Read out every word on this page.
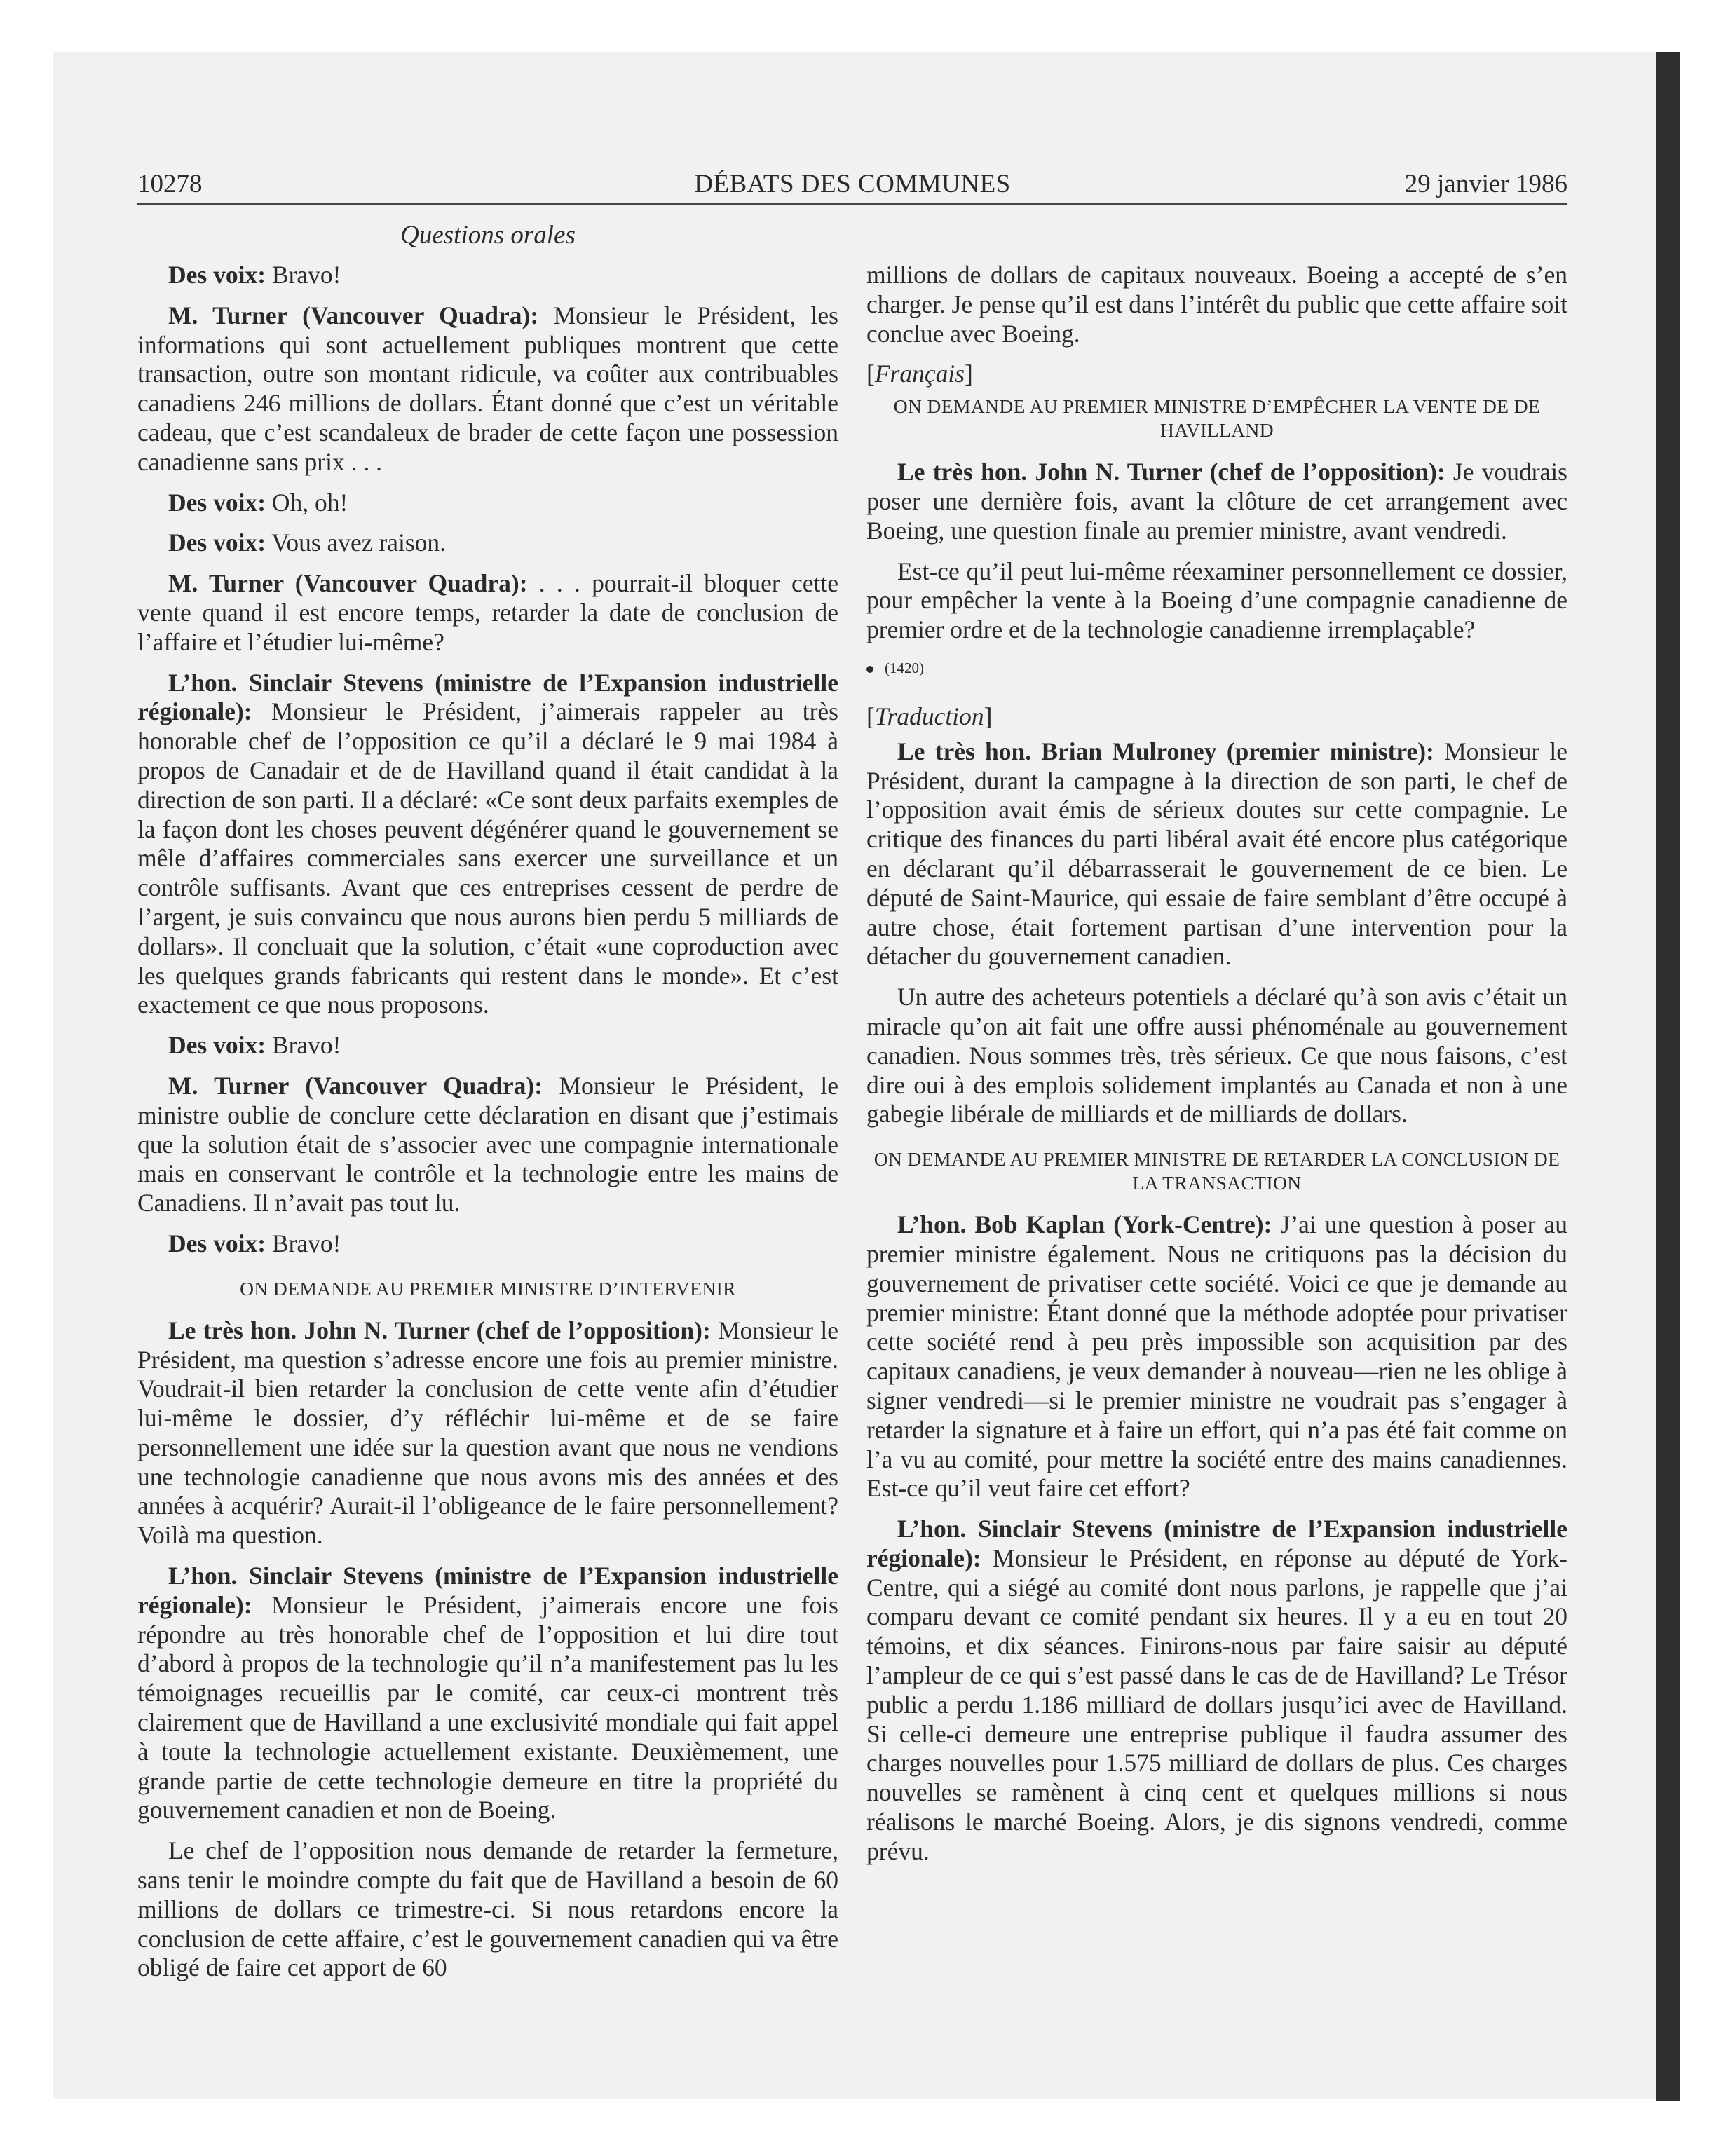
10278	DÉBATS DES COMMUNES	29 janvier 1986
Questions orales

Des voix: Bravo!

M. Turner (Vancouver Quadra): Monsieur le Président, les informations qui sont actuellement publiques montrent que cette transaction, outre son montant ridicule, va coûter aux contribuables canadiens 246 millions de dollars. Étant donné que c’est un véritable cadeau, que c’est scandaleux de brader de cette façon une possession canadienne sans prix . . .

Des voix: Oh, oh!

Des voix: Vous avez raison.

M. Turner (Vancouver Quadra): . . . pourrait-il bloquer cette vente quand il est encore temps, retarder la date de conclusion de l’affaire et l’étudier lui-même?

L’hon. Sinclair Stevens (ministre de l’Expansion industrielle régionale): Monsieur le Président, j’aimerais rappeler au très honorable chef de l’opposition ce qu’il a déclaré le 9 mai 1984 à propos de Canadair et de de Havilland quand il était candidat à la direction de son parti. Il a déclaré: «Ce sont deux parfaits exemples de la façon dont les choses peuvent dégénérer quand le gouvernement se mêle d’affaires commerciales sans exercer une surveillance et un contrôle suffisants. Avant que ces entreprises cessent de perdre de l’argent, je suis convaincu que nous aurons bien perdu 5 milliards de dollars». Il concluait que la solution, c’était «une coproduction avec les quelques grands fabricants qui restent dans le monde». Et c’est exactement ce que nous proposons.

Des voix: Bravo!

M. Turner (Vancouver Quadra): Monsieur le Président, le ministre oublie de conclure cette déclaration en disant que j’estimais que la solution était de s’associer avec une compagnie internationale mais en conservant le contrôle et la technologie entre les mains de Canadiens. Il n’avait pas tout lu.

Des voix: Bravo!

ON DEMANDE AU PREMIER MINISTRE D’INTERVENIR

Le très hon. John N. Turner (chef de l’opposition): Monsieur le Président, ma question s’adresse encore une fois au premier ministre. Voudrait-il bien retarder la conclusion de cette vente afin d’étudier lui-même le dossier, d’y réfléchir lui-même et de se faire personnellement une idée sur la question avant que nous ne vendions une technologie canadienne que nous avons mis des années et des années à acquérir? Aurait-il l’obligeance de le faire personnellement? Voilà ma question.

L’hon. Sinclair Stevens (ministre de l’Expansion industrielle régionale): Monsieur le Président, j’aimerais encore une fois répondre au très honorable chef de l’opposition et lui dire tout d’abord à propos de la technologie qu’il n’a manifestement pas lu les témoignages recueillis par le comité, car ceux-ci montrent très clairement que de Havilland a une exclusivité mondiale qui fait appel à toute la technologie actuellement existante. Deuxièmement, une grande partie de cette technologie demeure en titre la propriété du gouvernement canadien et non de Boeing.

Le chef de l’opposition nous demande de retarder la fermeture, sans tenir le moindre compte du fait que de Havilland a besoin de 60 millions de dollars ce trimestre-ci. Si nous retardons encore la conclusion de cette affaire, c’est le gouvernement canadien qui va être obligé de faire cet apport de 60

millions de dollars de capitaux nouveaux. Boeing a accepté de s’en charger. Je pense qu’il est dans l’intérêt du public que cette affaire soit conclue avec Boeing.

[Français]
ON DEMANDE AU PREMIER MINISTRE D’EMPÊCHER LA VENTE DE DE HAVILLAND

Le très hon. John N. Turner (chef de l’opposition): Je voudrais poser une dernière fois, avant la clôture de cet arrangement avec Boeing, une question finale au premier ministre, avant vendredi.

Est-ce qu’il peut lui-même réexaminer personnellement ce dossier, pour empêcher la vente à la Boeing d’une compagnie canadienne de premier ordre et de la technologie canadienne irremplaçable?

(1420)
[Traduction]

Le très hon. Brian Mulroney (premier ministre): Monsieur le Président, durant la campagne à la direction de son parti, le chef de l’opposition avait émis de sérieux doutes sur cette compagnie. Le critique des finances du parti libéral avait été encore plus catégorique en déclarant qu’il débarrasserait le gouvernement de ce bien. Le député de Saint-Maurice, qui essaie de faire semblant d’être occupé à autre chose, était fortement partisan d’une intervention pour la détacher du gouvernement canadien.

Un autre des acheteurs potentiels a déclaré qu’à son avis c’était un miracle qu’on ait fait une offre aussi phénoménale au gouvernement canadien. Nous sommes très, très sérieux. Ce que nous faisons, c’est dire oui à des emplois solidement implantés au Canada et non à une gabegie libérale de milliards et de milliards de dollars.

ON DEMANDE AU PREMIER MINISTRE DE RETARDER LA CONCLUSION DE LA TRANSACTION

L’hon. Bob Kaplan (York-Centre): J’ai une question à poser au premier ministre également. Nous ne critiquons pas la décision du gouvernement de privatiser cette société. Voici ce que je demande au premier ministre: Étant donné que la méthode adoptée pour privatiser cette société rend à peu près impossible son acquisition par des capitaux canadiens, je veux demander à nouveau—rien ne les oblige à signer vendredi—si le premier ministre ne voudrait pas s’engager à retarder la signature et à faire un effort, qui n’a pas été fait comme on l’a vu au comité, pour mettre la société entre des mains canadiennes. Est-ce qu’il veut faire cet effort?

L’hon. Sinclair Stevens (ministre de l’Expansion industrielle régionale): Monsieur le Président, en réponse au député de York-Centre, qui a siégé au comité dont nous parlons, je rappelle que j’ai comparu devant ce comité pendant six heures. Il y a eu en tout 20 témoins, et dix séances. Finirons-nous par faire saisir au député l’ampleur de ce qui s’est passé dans le cas de de Havilland? Le Trésor public a perdu 1.186 milliard de dollars jusqu’ici avec de Havilland. Si celle-ci demeure une entreprise publique il faudra assumer des charges nouvelles pour 1.575 milliard de dollars de plus. Ces charges nouvelles se ramènent à cinq cent et quelques millions si nous réalisons le marché Boeing. Alors, je dis signons vendredi, comme prévu.
